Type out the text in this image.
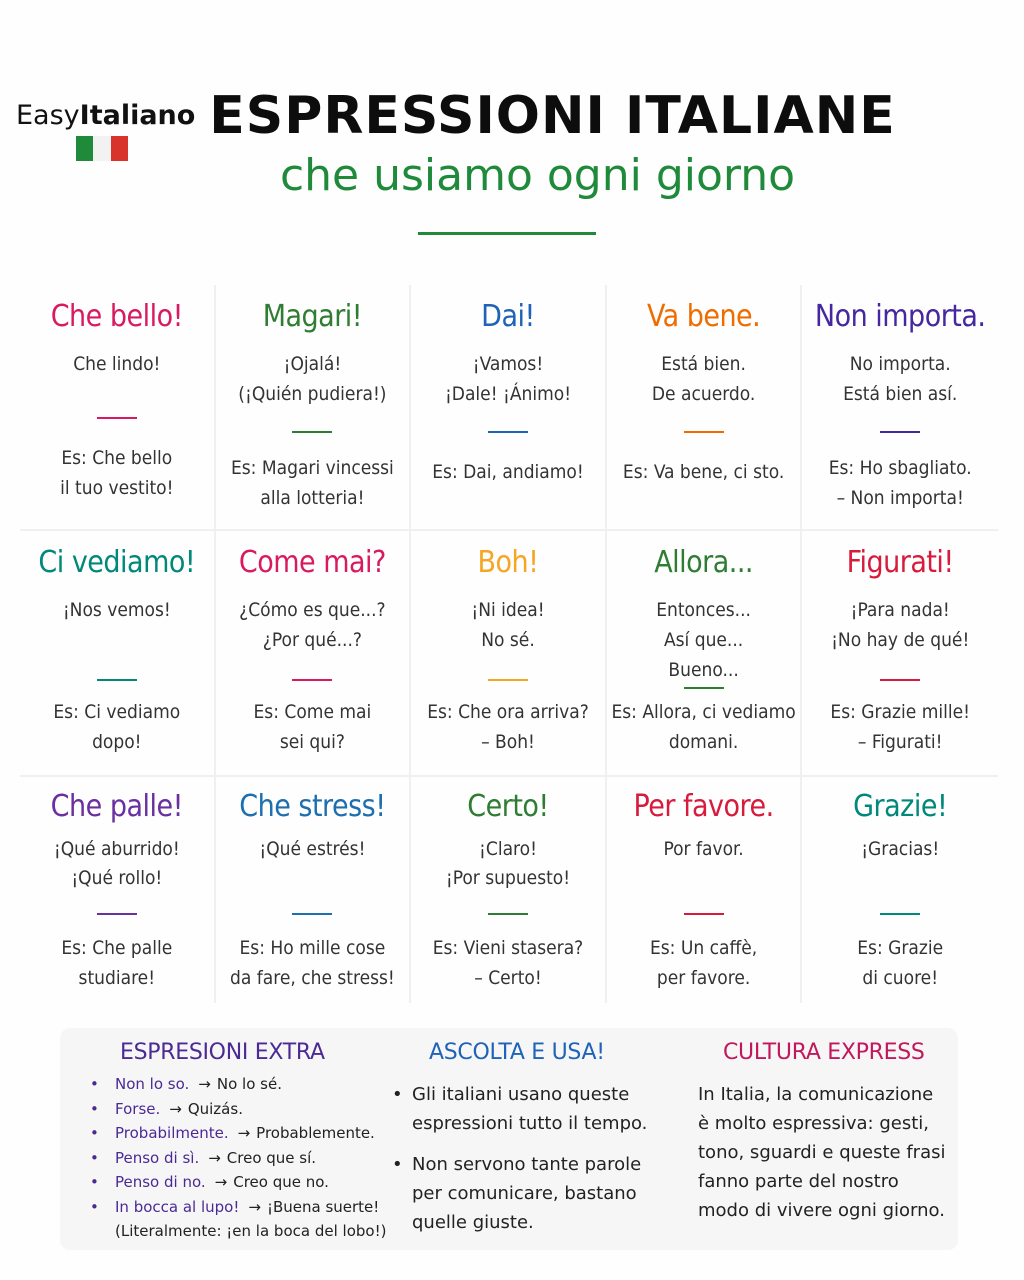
EasyItaliano ESPRESSIONI ITALIANE
che usiamo ogni giorno
Che bello!
Che lindo!
Es: Che bello
il tuo vestito!
Magari!
¡Ojalá!
(¡Quién pudiera!)
Es: Magari vincessi
alla lotteria!
Dai!
¡Vamos!
¡Dale! ¡Ánimo!
Es: Dai, andiamo!
Va bene.
Está bien.
De acuerdo.
Es: Va bene, ci sto.
Non importa.
No importa.
Está bien así.
Es: Ho sbagliato.
– Non importa!
Ci vediamo!
¡Nos vemos!
Es: Ci vediamo
dopo!
Come mai?
¿Cómo es que...?
¿Por qué...?
Es: Come mai
sei qui?
Boh!
¡Ni idea!
No sé.
Es: Che ora arriva?
– Boh!
Allora...
Entonces...
Así que...
Bueno...
Es: Allora, ci vediamo
domani.
Figurati!
¡Para nada!
¡No hay de qué!
Es: Grazie mille!
– Figurati!
Che palle!
¡Qué aburrido!
¡Qué rollo!
Es: Che palle
studiare!
Che stress!
¡Qué estrés!
Es: Ho mille cose
da fare, che stress!
Certo!
¡Claro!
¡Por supuesto!
Es: Vieni stasera?
– Certo!
Per favore.
Por favor.
Es: Un caffè,
per favore.
Grazie!
¡Gracias!
Es: Grazie
di cuore!
ESPRESIONI EXTRA
• Non lo so. → No lo sé.
• Forse. → Quizás.
• Probabilmente. → Probablemente.
• Penso di sì. → Creo que sí.
• Penso di no. → Creo que no.
• In bocca al lupo! → ¡Buena suerte!
(Literalmente: ¡en la boca del lobo!)
ASCOLTA E USA!
• Gli italiani usano queste
espressioni tutto il tempo.
• Non servono tante parole
per comunicare, bastano
quelle giuste.
CULTURA EXPRESS
In Italia, la comunicazione
è molto espressiva: gesti,
tono, sguardi e queste frasi
fanno parte del nostro
modo di vivere ogni giorno.
